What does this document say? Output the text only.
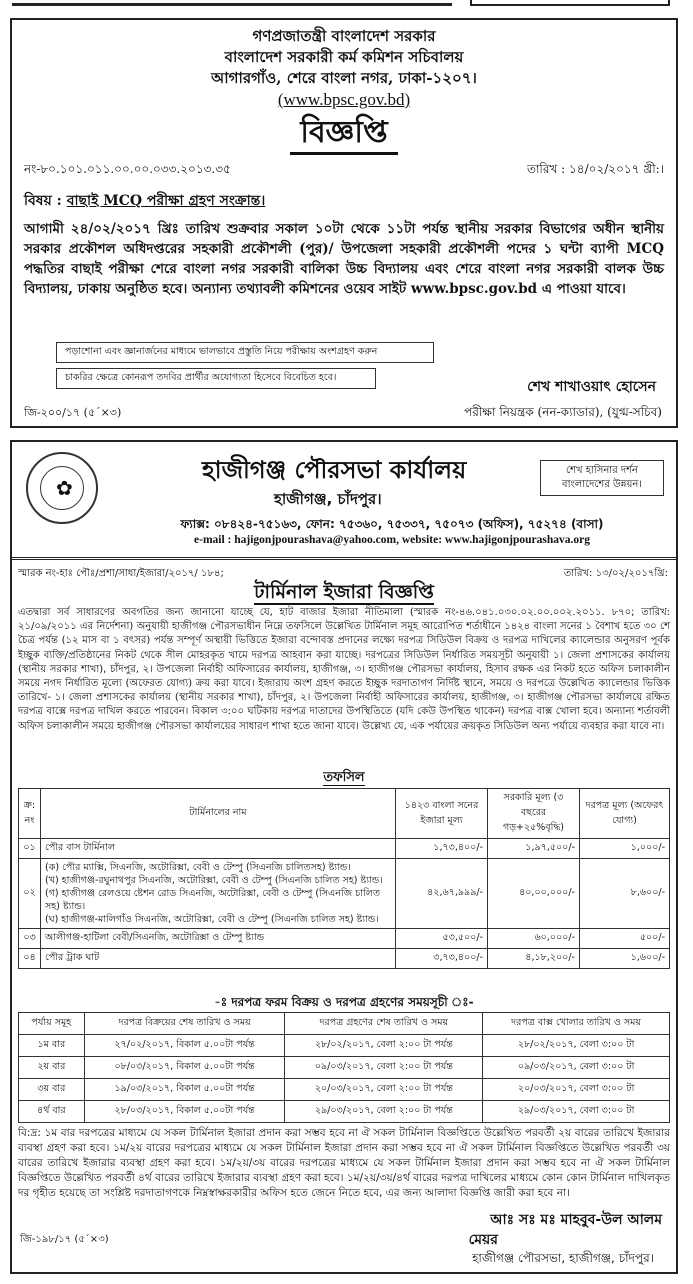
গণপ্রজাতন্ত্রী বাংলাদেশ সরকার
বাংলাদেশ সরকারী কর্ম কমিশন সচিবালয়
আগারগাঁও, শেরে বাংলা নগর, ঢাকা-১২০৭।
(www.bpsc.gov.bd)
বিজ্ঞপ্তি
নং-৮০.১০১.০১১.০০.০০.০৩৩.২০১৩.৩৫	তারিখ : ১৪/০২/২০১৭ খ্রী:।
বিষয় : বাছাই MCQ পরীক্ষা গ্রহণ সংক্রান্ত।
আগামী ২৪/০২/২০১৭ খ্রিঃ তারিখ শুক্রবার সকাল ১০টা থেকে ১১টা পর্যন্ত স্থানীয় সরকার বিভাগের অধীন স্থানীয় সরকার প্রকৌশল অধিদপ্তরের সহকারী প্রকৌশলী (পুর)/ উপজেলা সহকারী প্রকৌশলী পদের ১ ঘন্টা ব্যাপী MCQ পদ্ধতির বাছাই পরীক্ষা শেরে বাংলা নগর সরকারী বালিকা উচ্চ বিদ্যালয় এবং শেরে বাংলা নগর সরকারী বালক উচ্চ বিদ্যালয়, ঢাকায় অনুষ্ঠিত হবে। অন্যান্য তথ্যাবলী কমিশনের ওয়েব সাইট www.bpsc.gov.bd এ পাওয়া যাবে।
পড়াশোনা এবং জ্ঞানার্জনের মাধ্যমে ভালভাবে প্রস্তুতি নিয়ে পরীক্ষায় অংশগ্রহণ করুন
চাকরির ক্ষেত্রে কোনরূপ তদবির প্রার্থীর অযোগ্যতা হিসেবে বিবেচিত হবে।
শেখ শাখাওয়াৎ হোসেন
জি-২০০/১৭ (৫´×৩)	পরীক্ষা নিয়ন্ত্রক (নন-ক্যাডার), (যুগ্ম-সচিব)
✿
হাজীগঞ্জ পৌরসভা কার্যালয়
হাজীগঞ্জ, চাঁদপুর।
শেখ হাসিনার দর্শন বাংলাদেশের উন্নয়ন।
ফ্যাক্স: ০৮৪২৪-৭৫১৬৩, ফোন: ৭৫৩৬০, ৭৫৩৩৭, ৭৫০৭৩ (অফিস), ৭৫২৭৪ (বাসা)
e-mail : hajigonjpourashava@yahoo.com, website: www.hajigonjpourashava.org
স্মারক নং-হাঃ পৌঃ/প্রশা/সাধা/ইজারা/২০১৭/ ১৮৪;	তারিখ: ১৩/০২/২০১৭খ্রি:
টার্মিনাল ইজারা বিজ্ঞপ্তি
এতদ্বারা সর্ব সাধারণের অবগতির জন্য জানানো যাচ্ছে যে, হাট বাজার ইজারা নীতিমালা (স্মারক নং-৪৬.০৪১.০৩০.০২.০০.০০২.২০১১. ৮৭০; তারিখ: ২১/০৯/২০১১ এর নির্দেশনা) অনুযায়ী হাজীগঞ্জ পৌরসভাধীন নিম্নে তফসিলে উল্লেখিত টার্মিনাল সমূহ আরোপিত শর্তাধীনে ১৪২৪ বাংলা সনের ১ বৈশাখ হতে ৩০ শে চৈত্র পর্যন্ত (১২ মাস বা ১ বৎসর) পর্যন্ত সম্পূর্ণ অস্থায়ী ভিত্তিতে ইজারা বন্দোবস্ত প্রদানের লক্ষ্যে দরপত্র সিডিউল বিক্রয় ও দরপত্র দাখিলের ক্যালেন্ডার অনুসরণ পূর্বক ইচ্ছুক ব্যক্তি/প্রতিষ্ঠানের নিকট থেকে সীল মোহরকৃত খামে দরপত্র আহবান করা যাচ্ছে। দরপত্রের সিডিউল নির্ধারিত সময়সূচী অনুযায়ী ১। জেলা প্রশাসকের কার্যালয় (স্থানীয় সরকার শাখা), চাঁদপুর, ২। উপজেলা নির্বাহী অফিসারের কার্যালয়, হাজীগঞ্জ, ৩। হাজীগঞ্জ পৌরসভা কার্যালয়, হিসাব রক্ষক এর নিকট হতে অফিস চলাকালীন সময়ে নগদ নির্ধারিত মূল্যে (অফেরত যোগ্য) ক্রয় করা যাবে। ইজারায় অংশ গ্রহণ করতে ইচ্ছুক দরদাতাগণ নির্দিষ্ট স্থানে, সময়ে ও দরপত্রে উল্লেখিত ক্যালেন্ডার ভিত্তিক তারিখে- ১। জেলা প্রশাসকের কার্যালয় (স্থানীয় সরকার শাখা), চাঁদপুর, ২। উপজেলা নির্বাহী অফিসারের কার্যালয়, হাজীগঞ্জ, ৩। হাজীগঞ্জ পৌরসভা কার্যালয়ে রক্ষিত দরপত্র বাক্সে দরপত্র দাখিল করতে পারবেন। বিকাল ৩:০০ ঘটিকায় দরপত্র দাতাদের উপস্থিতিতে (যদি কেউ উপস্থিত থাকেন) দরপত্র বাক্স খোলা হবে। অন্যান্য শর্তাবলী অফিস চলাকালীন সময়ে হাজীগঞ্জ পৌরসভা কার্যালয়ের সাধারণ শাখা হতে জানা যাবে। উল্লেখ্য যে, এক পর্যায়ের ক্রয়কৃত সিডিউল অন্য পর্যায়ে ব্যবহার করা যাবে না।
তফসিল
ক্র: নং	টার্মিনালের নাম	১৪২৩ বাংলা সনের ইজারা মূল্য	সরকারি মূল্য (৩ বছরের গড়+২৫%বৃদ্ধি)	দরপত্র মূল্য (অফেরৎ যোগ্য)
০১	পৌর বাস টার্মিনাল	১,৭৩,৪০০/-	১,৯৭,৫০০/-	১,০০০/-
০২	(ক) পৌর ম্যাক্সি, সিএনজি, অটোরিক্সা, বেবী ও টেম্পু (সিএনজি চালিতসহ) ষ্ট্যান্ড।
(খ) হাজীগঞ্জ-রঘুনাথপুর সিএনজি, অটোরিক্সা, বেবী ও টেম্পু (সিএনজি চালিত সহ) ষ্ট্যান্ড।
(গ) হাজীগঞ্জ রেলওয়ে ষ্টেশন রোড সিএনজি, অটোরিক্সা, বেবী ও টেম্পু (সিএনজি চালিত সহ) ষ্ট্যান্ড।
(ঘ) হাজীগঞ্জ-মালিগাঁও সিএনজি, অটোরিক্সা, বেবী ও টেম্পু (সিএনজি চালিত সহ) ষ্ট্যান্ড।	৪২,৬৭,৯৯৯/-	৪০,০০,০০০/-	৮,৬০০/-
০৩	আলীগঞ্জ-হাটিলা বেবী/সিএনজি, অটোরিক্সা ও টেম্পু ষ্ট্যান্ড	৫৩,৫০০/-	৬০,০০০/-	৫০০/-
০৪	পৌর ট্রাক ঘাট	৩,৭৩,৪০০/-	৪,১৮,২০০/-	১,৬০০/-
-ঃ দরপত্র ফরম বিক্রয় ও দরপত্র গ্রহণের সময়সূচী ঃ-
পর্যায় সমূহ	দরপত্র বিক্রয়ের শেষ তারিখ ও সময়	দরপত্র গ্রহণের শেষ তারিখ ও সময়	দরপত্র বাক্স খোলার তারিখ ও সময়
১ম বার	২৭/০২/২০১৭, বিকাল ৫.০০টা পর্যন্ত	২৮/০২/২০১৭, বেলা ২:০০ টা পর্যন্ত	২৮/০২/২০১৭, বেলা ৩:০০ টা
২য় বার	০৮/০৩/২০১৭, বিকাল ৫.০০টা পর্যন্ত	০৯/০৩/২০১৭, বেলা ২:০০ টা পর্যন্ত	০৯/০৩/২০১৭, বেলা ৩:০০ টা
৩য় বার	১৯/০৩/২০১৭, বিকাল ৫.০০টা পর্যন্ত	২০/০৩/২০১৭, বেলা ২:০০ টা পর্যন্ত	২০/০৩/২০১৭, বেলা ৩:০০ টা
৪র্থ বার	২৮/০৩/২০১৭, বিকাল ৫.০০টা পর্যন্ত	২৯/০৩/২০১৭, বেলা ২:০০ টা পর্যন্ত	২৯/০৩/২০১৭, বেলা ৩:০০ টা
বি:দ্র: ১ম বার দরপত্রের মাধ্যমে যে সকল টার্মিনাল ইজারা প্রদান করা সম্ভব হবে না ঐ সকল টার্মিনাল বিজ্ঞপ্তিতে উল্লেখিত পরবর্তী ২য় বারের তারিখে ইজারার ব্যবস্থা গ্রহণ করা হবে। ১ম/২য় বারের দরপত্রের মাধ্যমে যে সকল টার্মিনাল ইজারা প্রদান করা সম্ভব হবে না ঐ সকল টার্মিনাল বিজ্ঞপ্তিতে উল্লেখিত পরবর্তী ৩য় বারের তারিখে ইজারার ব্যবস্থা গ্রহণ করা হবে। ১ম/২য়/৩য় বারের দরপত্রের মাধ্যমে যে সকল টার্মিনাল ইজারা প্রদান করা সম্ভব হবে না ঐ সকল টার্মিনাল বিজ্ঞপ্তিতে উল্লেখিত পরবর্তী ৪র্থ বারের তারিখে ইজারার ব্যবস্থা গ্রহণ করা হবে। ১ম/২য়/৩য়/৪র্থ বারের দরপত্র দাখিলের মাধ্যমে কোন কোন টার্মিনাল দাখিলকৃত দর গৃহীত হয়েছে তা সংশ্লিষ্ট দরদাতাগণকে নিম্নস্বাক্ষরকারীর অফিস হতে জেনে নিতে হবে, এর জন্য আলাদা বিজ্ঞপ্তি জারী করা হবে না।
আঃ সঃ মঃ মাহবুব-উল আলম
মেয়র
জি-১৯৮/১৭ (৫´×৩)
হাজীগঞ্জ পৌরসভা, হাজীগঞ্জ, চাঁদপুর।
